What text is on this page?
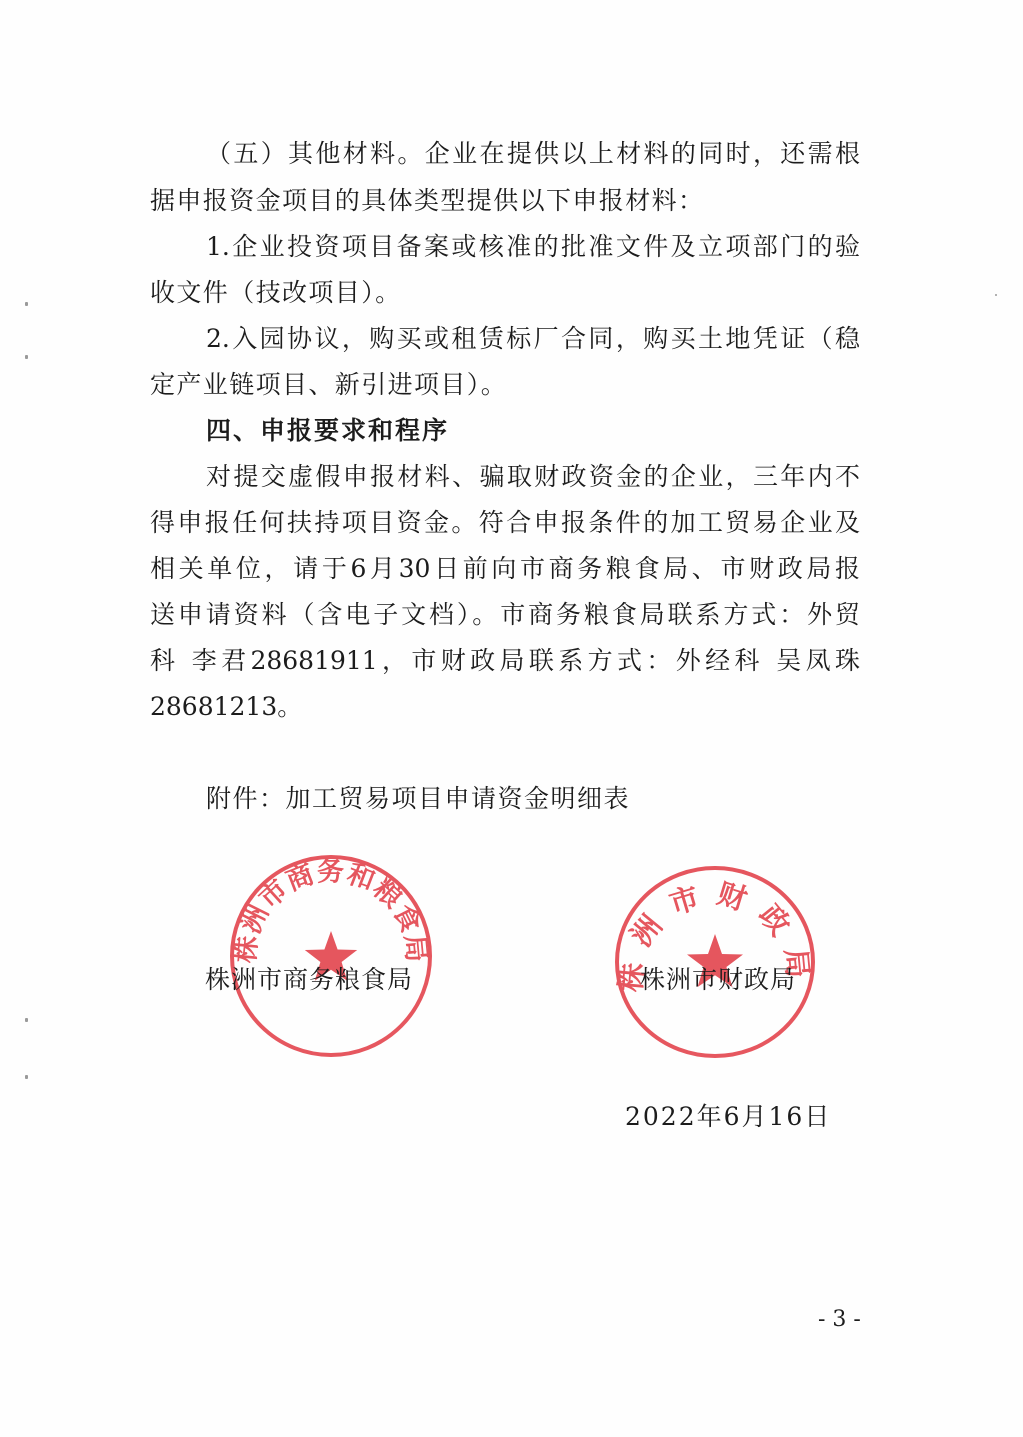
（五）其他材料。企业在提供以上材料的同时，还需根
据申报资金项目的具体类型提供以下申报材料：
1.企业投资项目备案或核准的批准文件及立项部门的验
收文件（技改项目）。
2.入园协议，购买或租赁标厂合同，购买土地凭证（稳
定产业链项目、新引进项目）。
四、申报要求和程序
对提交虚假申报材料、骗取财政资金的企业，三年内不
得申报任何扶持项目资金。符合申报条件的加工贸易企业及
相关单位，请于6月30日前向市商务粮食局、市财政局报
送申请资料（含电子文档）。市商务粮食局联系方式：外贸
科 李君28681911，市财政局联系方式：外经科 吴凤珠
28681213。
附件：加工贸易项目申请资金明细表
株洲市商务和粮食局	株洲市财政局
株洲市商务粮食局	株洲市财政局
2022年6月16日
- 3 -
